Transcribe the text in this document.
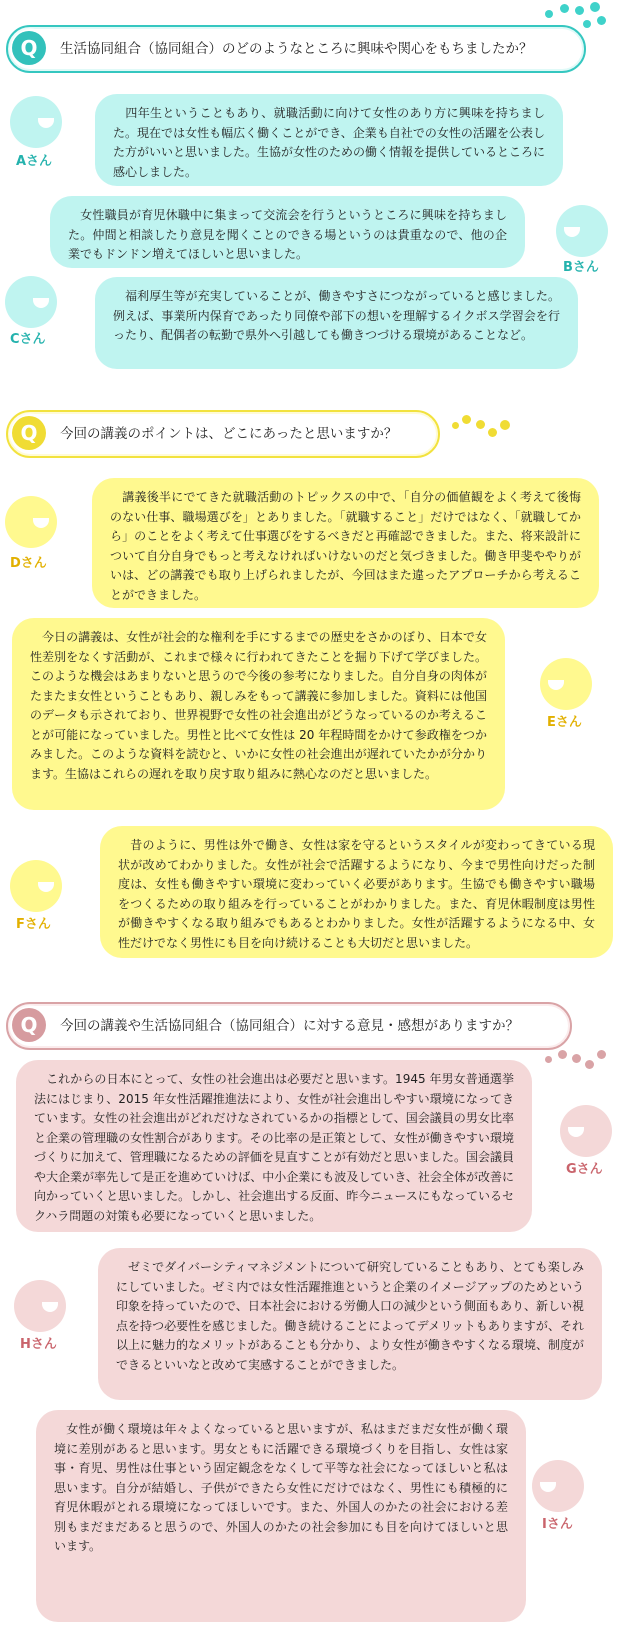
Q	生活協同組合（協同組合）のどのようなところに興味や関心をもちましたか？
Aさん
　四年生ということもあり、就職活動に向けて女性のあり方に興味を持ちました。現在では女性も幅広く働くことができ、企業も自社での女性の活躍を公表した方がいいと思いました。生協が女性のための働く情報を提供しているところに感心しました。
　女性職員が育児休職中に集まって交流会を行うというところに興味を持ちました。仲間と相談したり意見を聞くことのできる場というのは貴重なので、他の企業でもドンドン増えてほしいと思いました。
Bさん
Cさん
　福利厚生等が充実していることが、働きやすさにつながっていると感じました。例えば、事業所内保育であったり同僚や部下の想いを理解するイクボス学習会を行ったり、配偶者の転勤で県外へ引越しても働きつづける環境があることなど。
Q	今回の講義のポイントは、どこにあったと思いますか？
Dさん
　講義後半にでてきた就職活動のトピックスの中で、「自分の価値観をよく考えて後悔のない仕事、職場選びを」とありました。「就職すること」だけではなく、「就職してから」のことをよく考えて仕事選びをするべきだと再確認できました。また、将来設計について自分自身でもっと考えなければいけないのだと気づきました。働き甲斐ややりがいは、どの講義でも取り上げられましたが、今回はまた違ったアプローチから考えることができました。
　今日の講義は、女性が社会的な権利を手にするまでの歴史をさかのぼり、日本で女性差別をなくす活動が、これまで様々に行われてきたことを掘り下げて学びました。このような機会はあまりないと思うので今後の参考になりました。自分自身の肉体がたまたま女性ということもあり、親しみをもって講義に参加しました。資料には他国のデータも示されており、世界視野で女性の社会進出がどうなっているのか考えることが可能になっていました。男性と比べて女性は 20 年程時間をかけて参政権をつかみました。このような資料を読むと、いかに女性の社会進出が遅れていたかが分かります。生協はこれらの遅れを取り戻す取り組みに熱心なのだと思いました。
Eさん
Fさん
　昔のように、男性は外で働き、女性は家を守るというスタイルが変わってきている現状が改めてわかりました。女性が社会で活躍するようになり、今まで男性向けだった制度は、女性も働きやすい環境に変わっていく必要があります。生協でも働きやすい職場をつくるための取り組みを行っていることがわかりました。また、育児休暇制度は男性が働きやすくなる取り組みでもあるとわかりました。女性が活躍するようになる中、女性だけでなく男性にも目を向け続けることも大切だと思いました。
Q	今回の講義や生活協同組合（協同組合）に対する意見・感想がありますか？
　これからの日本にとって、女性の社会進出は必要だと思います。1945 年男女普通選挙法にはじまり、2015 年女性活躍推進法により、女性が社会進出しやすい環境になってきています。女性の社会進出がどれだけなされているかの指標として、国会議員の男女比率と企業の管理職の女性割合があります。その比率の是正策として、女性が働きやすい環境づくりに加えて、管理職になるための評価を見直すことが有効だと思いました。国会議員や大企業が率先して是正を進めていけば、中小企業にも波及していき、社会全体が改善に向かっていくと思いました。しかし、社会進出する反面、昨今ニュースにもなっているセクハラ問題の対策も必要になっていくと思いました。
Gさん
Hさん
　ゼミでダイバーシティマネジメントについて研究していることもあり、とても楽しみにしていました。ゼミ内では女性活躍推進というと企業のイメージアップのためという印象を持っていたので、日本社会における労働人口の減少という側面もあり、新しい視点を持つ必要性を感じました。働き続けることによってデメリットもありますが、それ以上に魅力的なメリットがあることも分かり、より女性が働きやすくなる環境、制度ができるといいなと改めて実感することができました。
　女性が働く環境は年々よくなっていると思いますが、私はまだまだ女性が働く環境に差別があると思います。男女ともに活躍できる環境づくりを目指し、女性は家事・育児、男性は仕事という固定観念をなくして平等な社会になってほしいと私は思います。自分が結婚し、子供ができたら女性にだけではなく、男性にも積極的に育児休暇がとれる環境になってほしいです。また、外国人のかたの社会における差別もまだまだあると思うので、外国人のかたの社会参加にも目を向けてほしいと思います。
Iさん
